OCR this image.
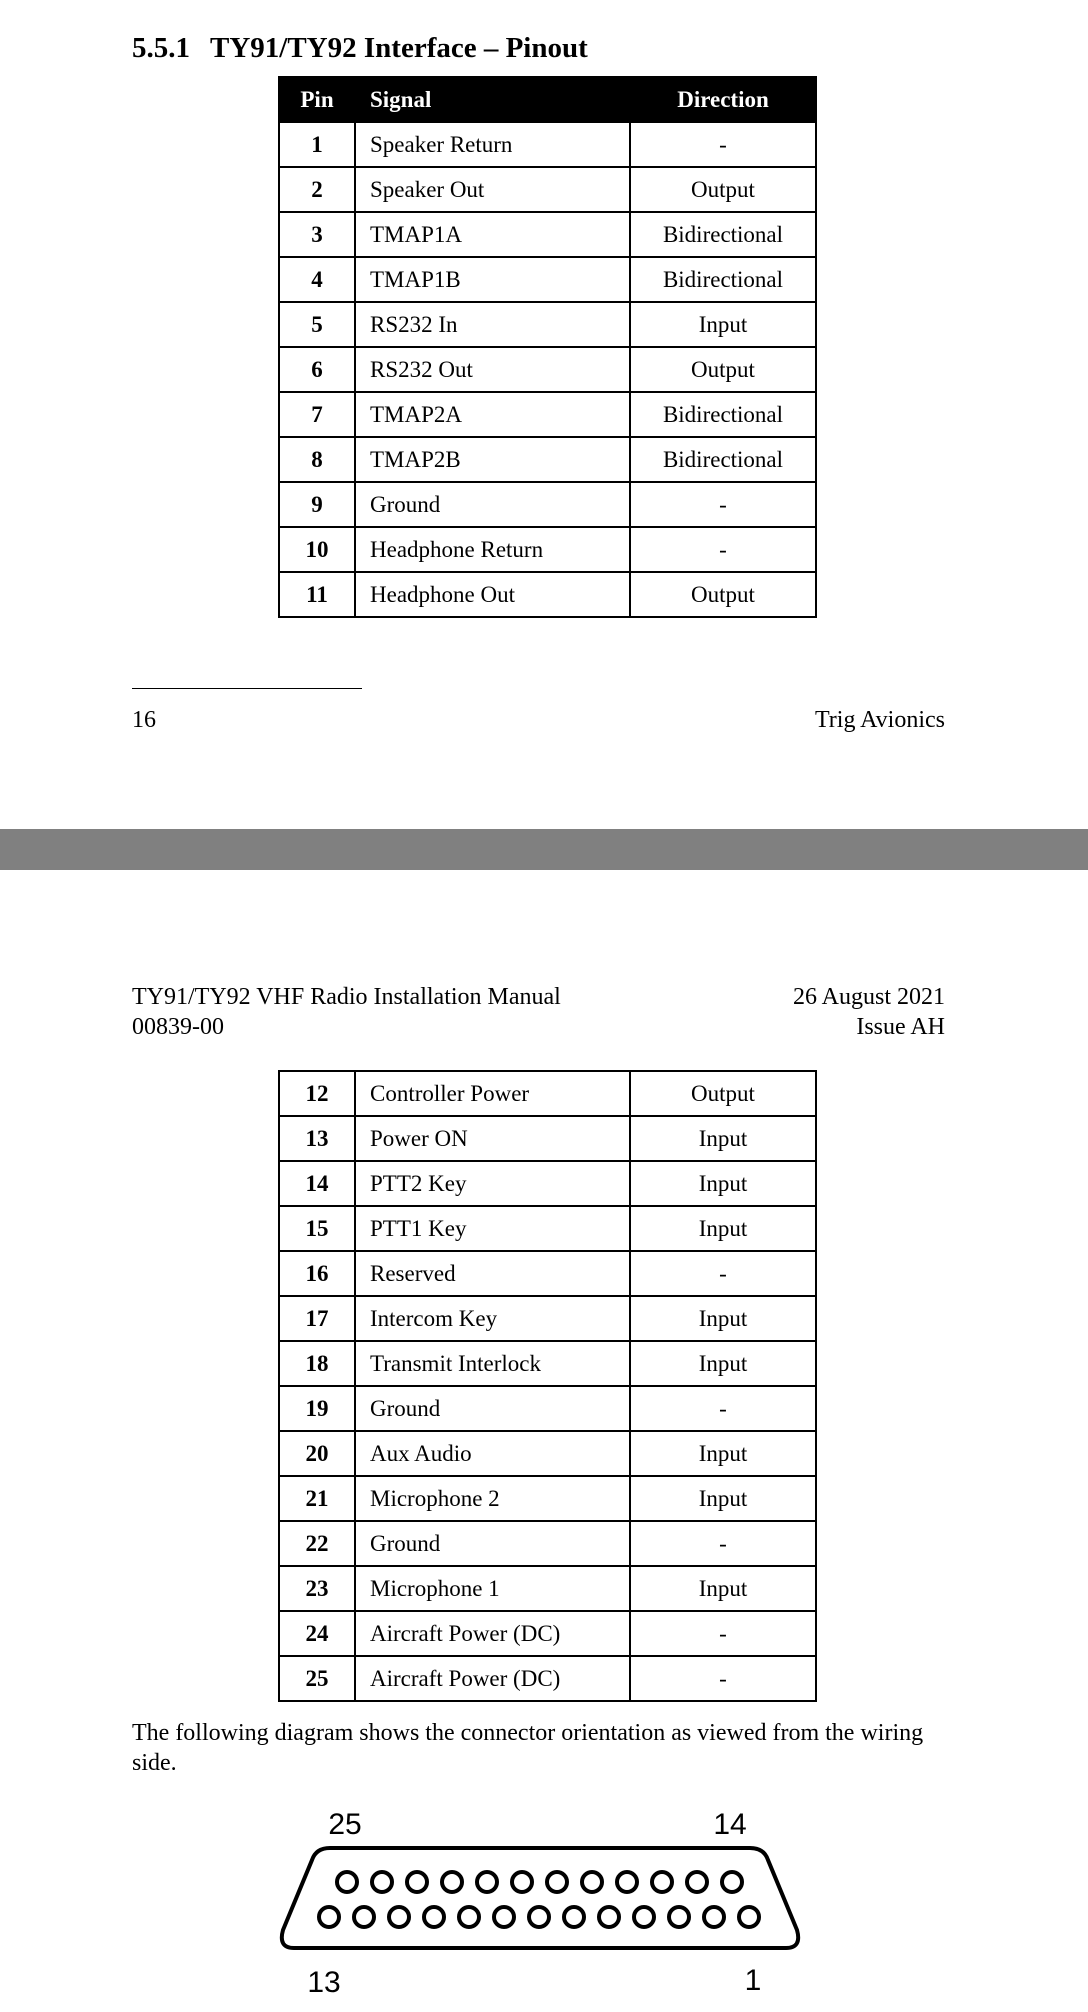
5.5.1 TY91/TY92 Interface – Pinout
Pin	Signal	Direction
1	Speaker Return	-
2	Speaker Out	Output
3	TMAP1A	Bidirectional
4	TMAP1B	Bidirectional
5	RS232 In	Input
6	RS232 Out	Output
7	TMAP2A	Bidirectional
8	TMAP2B	Bidirectional
9	Ground	-
10	Headphone Return	-
11	Headphone Out	Output
16	Trig Avionics
TY91/TY92 VHF Radio Installation Manual
00839-00
26 August 2021
Issue AH
12	Controller Power	Output
13	Power ON	Input
14	PTT2 Key	Input
15	PTT1 Key	Input
16	Reserved	-
17	Intercom Key	Input
18	Transmit Interlock	Input
19	Ground	-
20	Aux Audio	Input
21	Microphone 2	Input
22	Ground	-
23	Microphone 1	Input
24	Aircraft Power (DC)	-
25	Aircraft Power (DC)	-
The following diagram shows the connector orientation as viewed from the wiring side.
25	14
13	1
